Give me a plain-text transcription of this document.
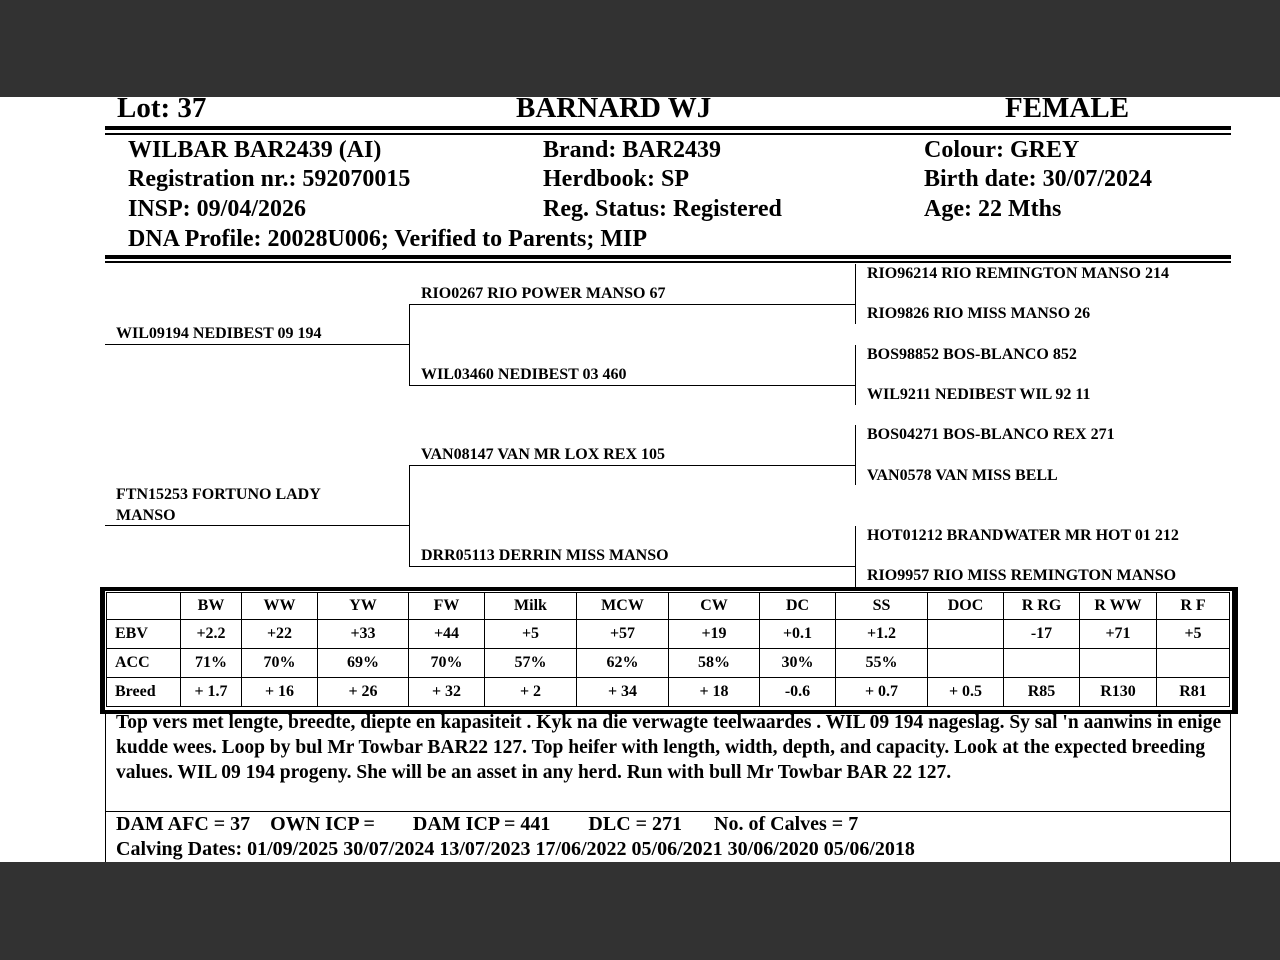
Lot: 37	BARNARD WJ	FEMALE
WILBAR BAR2439 (AI)
Registration nr.: 592070015
INSP: 09/04/2026
DNA Profile: 20028U006; Verified to Parents; MIP
Brand: BAR2439
Herdbook: SP
Reg. Status: Registered
Colour: GREY
Birth date: 30/07/2024
Age: 22 Mths
WIL09194 NEDIBEST 09 194
FTN15253 FORTUNO LADY
MANSO
RIO0267 RIO POWER MANSO 67
WIL03460 NEDIBEST 03 460
VAN08147 VAN MR LOX REX 105
DRR05113 DERRIN MISS MANSO
RIO96214 RIO REMINGTON MANSO 214
RIO9826 RIO MISS MANSO 26
BOS98852 BOS-BLANCO 852
WIL9211 NEDIBEST WIL 92 11
BOS04271 BOS-BLANCO REX 271
VAN0578 VAN MISS BELL
HOT01212 BRANDWATER MR HOT 01 212
RIO9957 RIO MISS REMINGTON MANSO
	BW	WW	YW	FW	Milk	MCW	CW	DC	SS	DOC	R RG	R WW	R F
EBV	+2.2	+22	+33	+44	+5	+57	+19	+0.1	+1.2		-17	+71	+5
ACC	71%	70%	69%	70%	57%	62%	58%	30%	55%				
Breed	+ 1.7	+ 16	+ 26	+ 32	+ 2	+ 34	+ 18	-0.6	+ 0.7	+ 0.5	R85	R130	R81
Top vers met lengte, breedte, diepte en kapasiteit . Kyk na die verwagte teelwaardes . WIL 09 194 nageslag. Sy sal 'n aanwins in enige kudde wees. Loop by bul Mr Towbar BAR22 127. Top heifer with length, width, depth, and capacity. Look at the expected breeding values. WIL 09 194 progeny. She will be an asset in any herd. Run with bull Mr Towbar BAR 22 127.
DAM AFC = 37 OWN ICP = DAM ICP = 441 DLC = 271 No. of Calves = 7
Calving Dates: 01/09/2025 30/07/2024 13/07/2023 17/06/2022 05/06/2021 30/06/2020 05/06/2018
